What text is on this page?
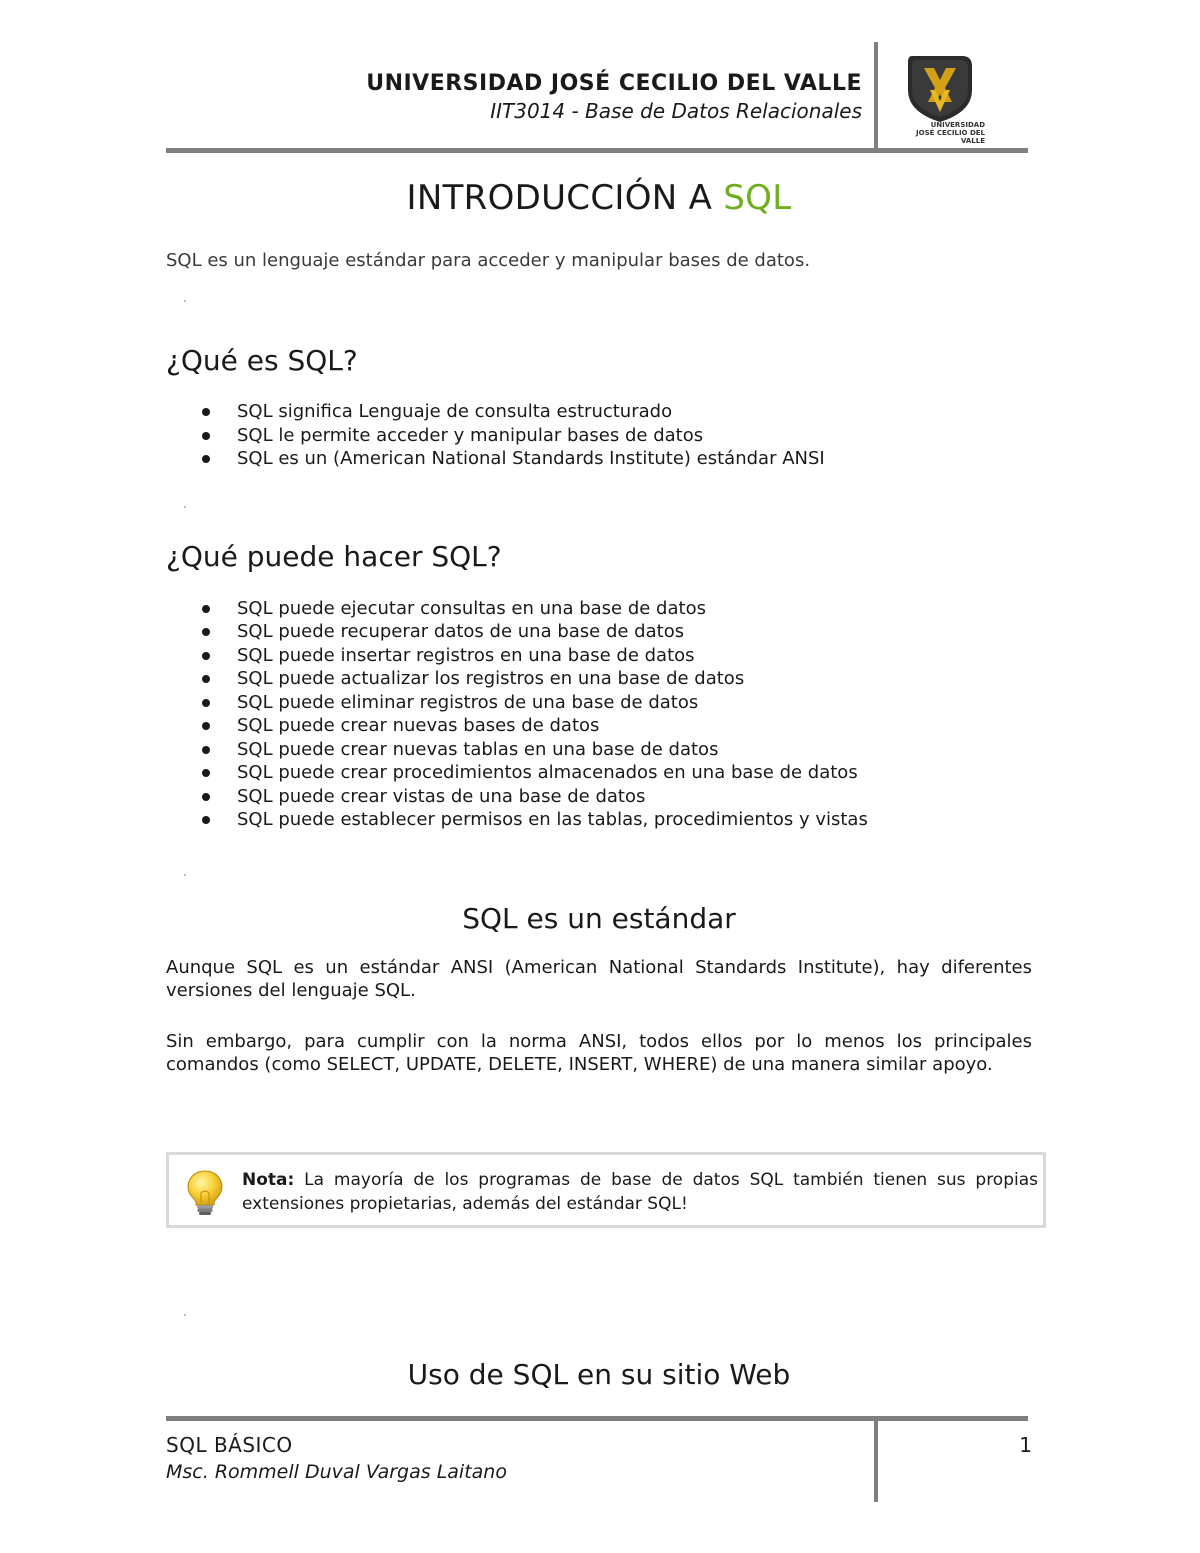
UNIVERSIDAD JOSÉ CECILIO DEL VALLE
IIT3014 - Base de Datos Relacionales
UNIVERSIDAD
JOSÉ CECILIO DEL VALLE
INTRODUCCIÓN A SQL

SQL es un lenguaje estándar para acceder y manipular bases de datos.

¿Qué es SQL?
SQL significa Lenguaje de consulta estructurado
SQL le permite acceder y manipular bases de datos
SQL es un (American National Standards Institute) estándar ANSI
¿Qué puede hacer SQL?
SQL puede ejecutar consultas en una base de datos
SQL puede recuperar datos de una base de datos
SQL puede insertar registros en una base de datos
SQL puede actualizar los registros en una base de datos
SQL puede eliminar registros de una base de datos
SQL puede crear nuevas bases de datos
SQL puede crear nuevas tablas en una base de datos
SQL puede crear procedimientos almacenados en una base de datos
SQL puede crear vistas de una base de datos
SQL puede establecer permisos en las tablas, procedimientos y vistas
SQL es un estándar

Aunque SQL es un estándar ANSI (American National Standards Institute), hay diferentes versiones del lenguaje SQL.

Sin embargo, para cumplir con la norma ANSI, todos ellos por lo menos los principales comandos (como SELECT, UPDATE, DELETE, INSERT, WHERE) de una manera similar apoyo.

Nota: La mayoría de los programas de base de datos SQL también tienen sus propias extensiones propietarias, además del estándar SQL!
Uso de SQL en su sitio Web
SQL BÁSICO
Msc. Rommell Duval Vargas Laitano
1
